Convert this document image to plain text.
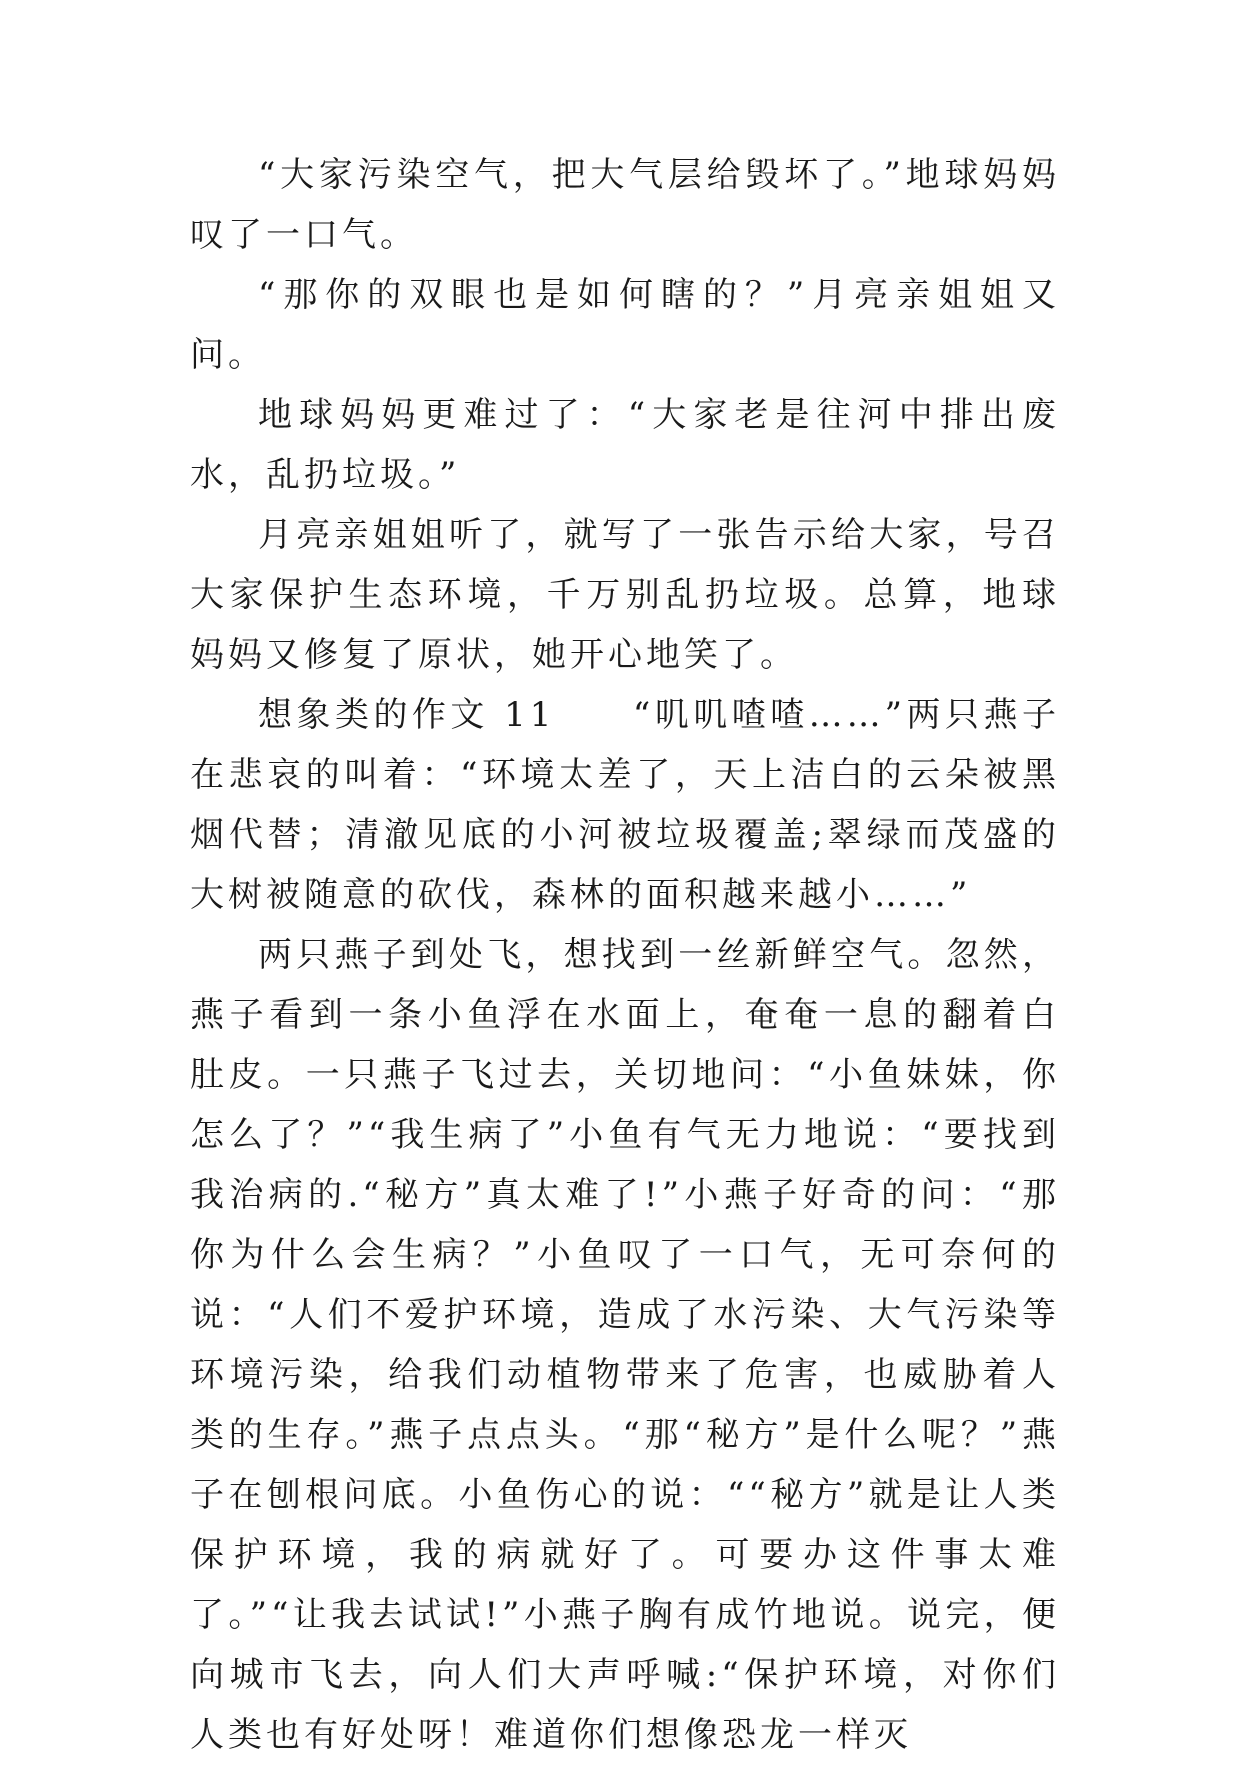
“大家污染空气，把大气层给毁坏了。”地球妈妈叹了一口气。

“那你的双眼也是如何瞎的？”月亮亲姐姐又问。

地球妈妈更难过了：“大家老是往河中排出废水，乱扔垃圾。”

月亮亲姐姐听了，就写了一张告示给大家，号召大家保护生态环境，千万别乱扔垃圾。总算，地球妈妈又修复了原状，她开心地笑了。

想象类的作文 11　　“叽叽喳喳……”两只燕子在悲哀的叫着：“环境太差了，天上洁白的云朵被黑烟代替；清澈见底的小河被垃圾覆盖;翠绿而茂盛的大树被随意的砍伐，森林的面积越来越小……”

两只燕子到处飞，想找到一丝新鲜空气。忽然，燕子看到一条小鱼浮在水面上，奄奄一息的翻着白肚皮。一只燕子飞过去，关切地问：“小鱼妹妹，你怎么了？”“我生病了”小鱼有气无力地说：“要找到我治病的.“秘方”真太难了!”小燕子好奇的问：“那你为什么会生病？”小鱼叹了一口气，无可奈何的说：“人们不爱护环境，造成了水污染、大气污染等环境污染，给我们动植物带来了危害，也威胁着人类的生存。”燕子点点头。“那“秘方”是什么呢？”燕子在刨根问底。小鱼伤心的说：““秘方”就是让人类保护环境，我的病就好了。可要办这件事太难了。”“让我去试试!”小燕子胸有成竹地说。说完，便向城市飞去，向人们大声呼喊:“保护环境，对你们人类也有好处呀！难道你们想像恐龙一样灭
